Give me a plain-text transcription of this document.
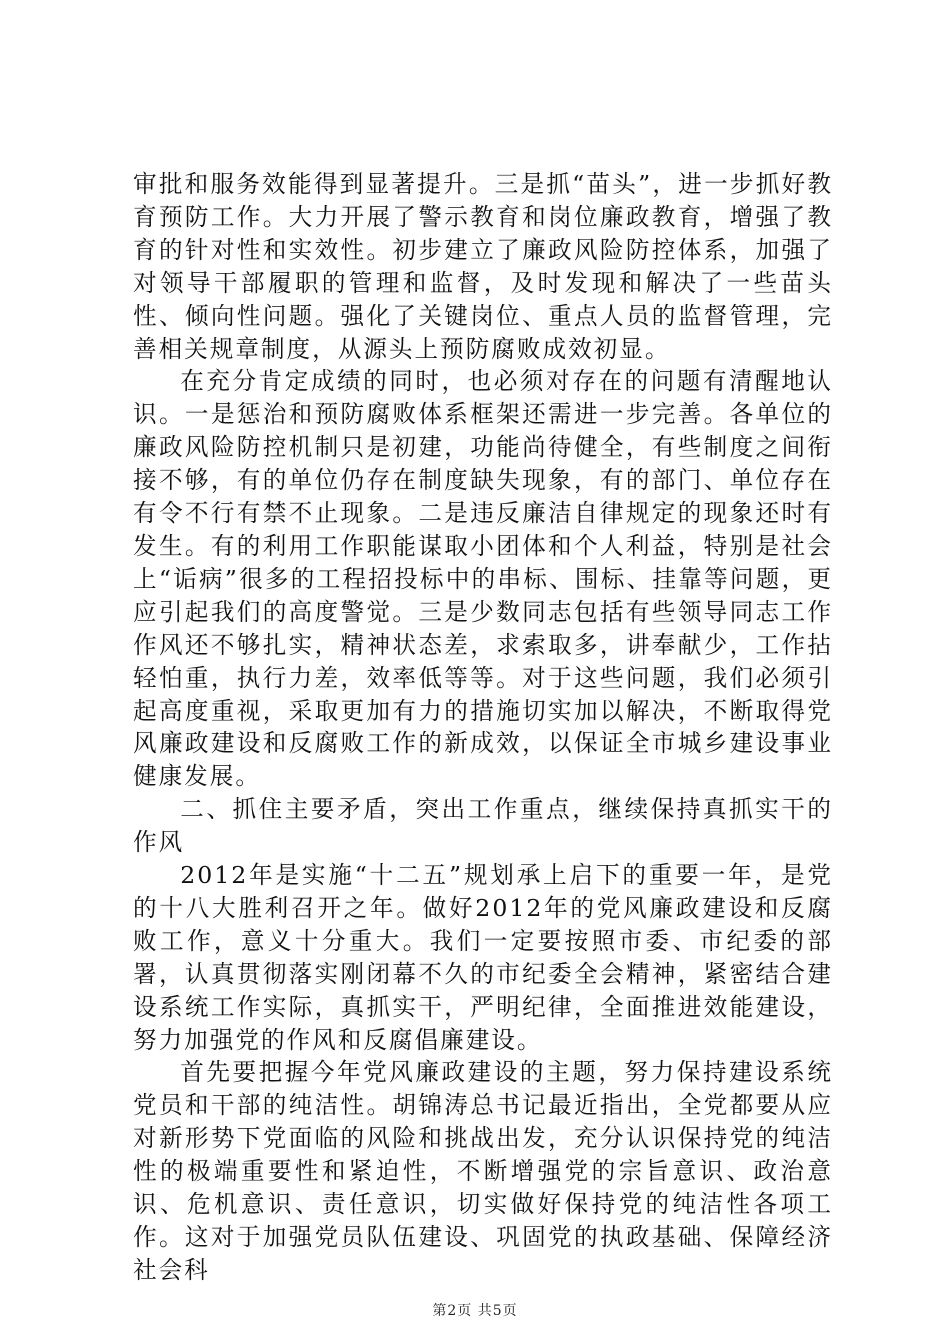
审批和服务效能得到显著提升。三是抓“苗头”，进一步抓好教育预防工作。大力开展了警示教育和岗位廉政教育，增强了教育的针对性和实效性。初步建立了廉政风险防控体系，加强了对领导干部履职的管理和监督，及时发现和解决了一些苗头性、倾向性问题。强化了关键岗位、重点人员的监督管理，完善相关规章制度，从源头上预防腐败成效初显。

在充分肯定成绩的同时，也必须对存在的问题有清醒地认识。一是惩治和预防腐败体系框架还需进一步完善。各单位的廉政风险防控机制只是初建，功能尚待健全，有些制度之间衔接不够，有的单位仍存在制度缺失现象，有的部门、单位存在有令不行有禁不止现象。二是违反廉洁自律规定的现象还时有发生。有的利用工作职能谋取小团体和个人利益，特别是社会上“诟病”很多的工程招投标中的串标、围标、挂靠等问题，更应引起我们的高度警觉。三是少数同志包括有些领导同志工作作风还不够扎实，精神状态差，求索取多，讲奉献少，工作拈轻怕重，执行力差，效率低等等。对于这些问题，我们必须引起高度重视，采取更加有力的措施切实加以解决，不断取得党风廉政建设和反腐败工作的新成效，以保证全市城乡建设事业健康发展。

二、抓住主要矛盾，突出工作重点，继续保持真抓实干的作风

2012年是实施“十二五”规划承上启下的重要一年，是党的十八大胜利召开之年。做好2012年的党风廉政建设和反腐败工作，意义十分重大。我们一定要按照市委、市纪委的部署，认真贯彻落实刚闭幕不久的市纪委全会精神，紧密结合建设系统工作实际，真抓实干，严明纪律，全面推进效能建设，努力加强党的作风和反腐倡廉建设。

首先要把握今年党风廉政建设的主题，努力保持建设系统党员和干部的纯洁性。胡锦涛总书记最近指出，全党都要从应对新形势下党面临的风险和挑战出发，充分认识保持党的纯洁性的极端重要性和紧迫性，不断增强党的宗旨意识、政治意识、危机意识、责任意识，切实做好保持党的纯洁性各项工作。这对于加强党员队伍建设、巩固党的执政基础、保障经济社会科

第2页 共5页
